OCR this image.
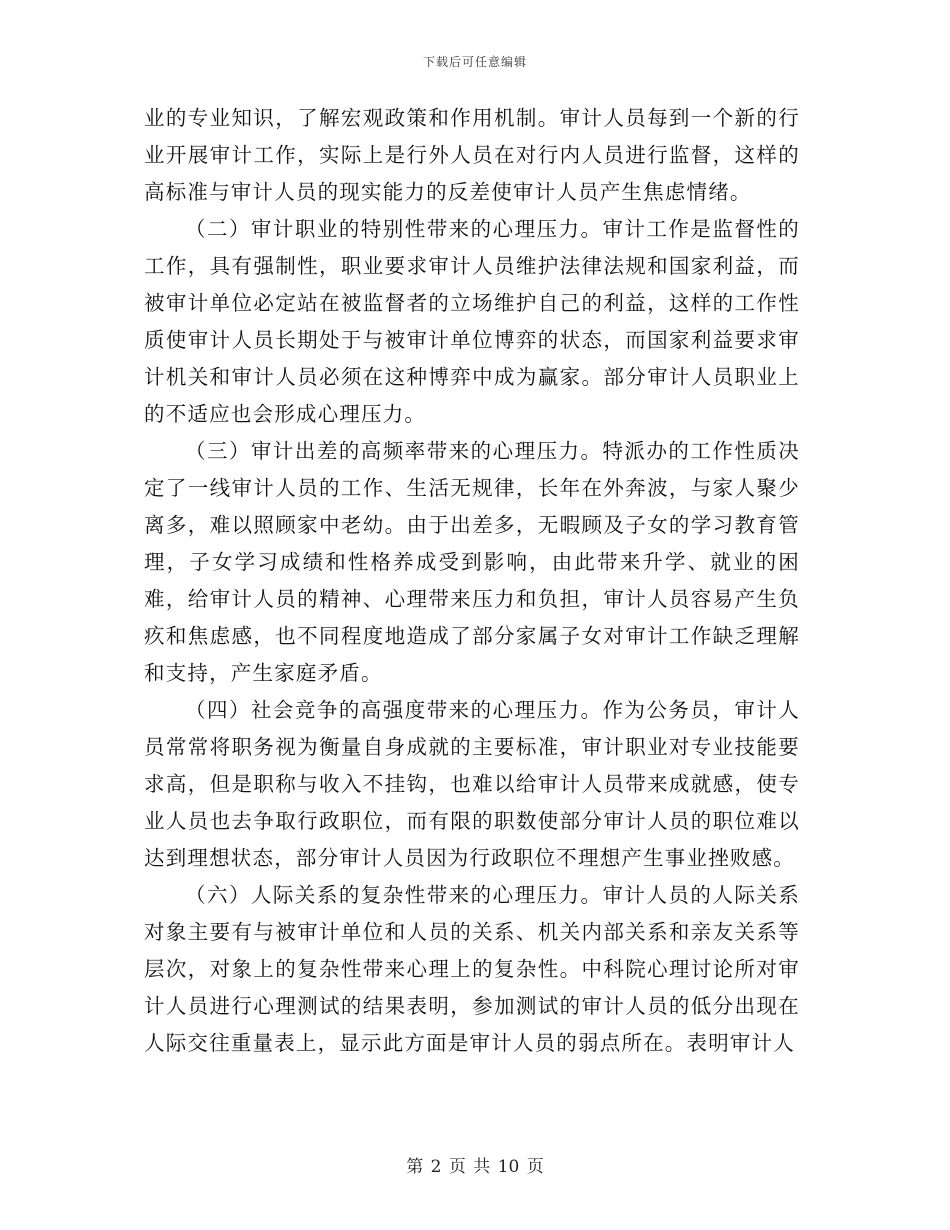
下载后可任意编辑

业的专业知识，了解宏观政策和作用机制。审计人员每到一个新的行业开展审计工作，实际上是行外人员在对行内人员进行监督，这样的高标准与审计人员的现实能力的反差使审计人员产生焦虑情绪。

（二）审计职业的特别性带来的心理压力。审计工作是监督性的工作，具有强制性，职业要求审计人员维护法律法规和国家利益，而被审计单位必定站在被监督者的立场维护自己的利益，这样的工作性质使审计人员长期处于与被审计单位博弈的状态，而国家利益要求审计机关和审计人员必须在这种博弈中成为赢家。部分审计人员职业上的不适应也会形成心理压力。

（三）审计出差的高频率带来的心理压力。特派办的工作性质决定了一线审计人员的工作、生活无规律，长年在外奔波，与家人聚少离多，难以照顾家中老幼。由于出差多，无暇顾及子女的学习教育管理，子女学习成绩和性格养成受到影响，由此带来升学、就业的困难，给审计人员的精神、心理带来压力和负担，审计人员容易产生负疚和焦虑感，也不同程度地造成了部分家属子女对审计工作缺乏理解和支持，产生家庭矛盾。

（四）社会竞争的高强度带来的心理压力。作为公务员，审计人员常常将职务视为衡量自身成就的主要标准，审计职业对专业技能要求高，但是职称与收入不挂钩，也难以给审计人员带来成就感，使专业人员也去争取行政职位，而有限的职数使部分审计人员的职位难以达到理想状态，部分审计人员因为行政职位不理想产生事业挫败感。

（六）人际关系的复杂性带来的心理压力。审计人员的人际关系对象主要有与被审计单位和人员的关系、机关内部关系和亲友关系等层次，对象上的复杂性带来心理上的复杂性。中科院心理讨论所对审计人员进行心理测试的结果表明，参加测试的审计人员的低分出现在人际交往重量表上，显示此方面是审计人员的弱点所在。表明审计人

第 2 页 共 10 页
